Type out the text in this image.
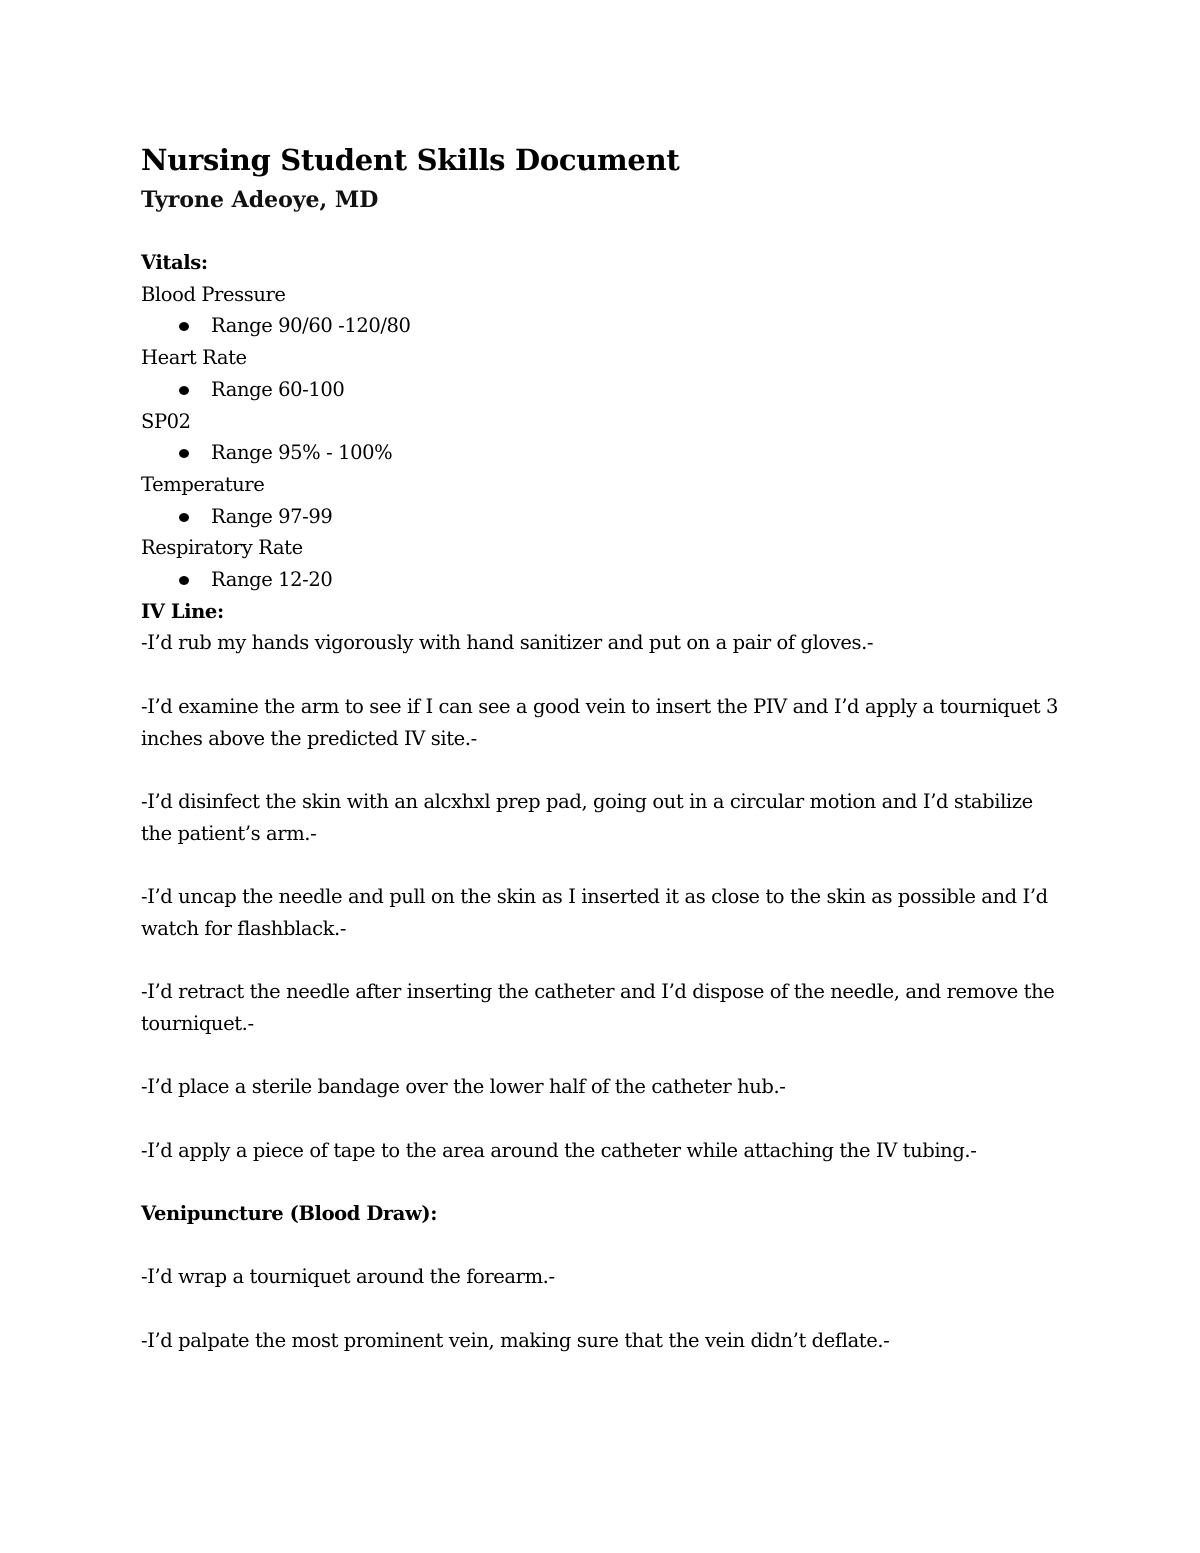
Nursing Student Skills Document
Tyrone Adeoye, MD

Vitals:

Blood Pressure

Range 90/60 -120/80

Heart Rate

Range 60-100

SP02

Range 95% - 100%

Temperature

Range 97-99

Respiratory Rate

Range 12-20

IV Line:

-I’d rub my hands vigorously with hand sanitizer and put on a pair of gloves.-

-I’d examine the arm to see if I can see a good vein to insert the PIV and I’d apply a tourniquet 3 inches above the predicted IV site.-

-I’d disinfect the skin with an alcxhxl prep pad, going out in a circular motion and I’d stabilize the patient’s arm.-

-I’d uncap the needle and pull on the skin as I inserted it as close to the skin as possible and I’d watch for flashblack.-

-I’d retract the needle after inserting the catheter and I’d dispose of the needle, and remove the tourniquet.-

-I’d place a sterile bandage over the lower half of the catheter hub.-

-I’d apply a piece of tape to the area around the catheter while attaching the IV tubing.-

Venipuncture (Blood Draw):

-I’d wrap a tourniquet around the forearm.-

-I’d palpate the most prominent vein, making sure that the vein didn’t deflate.-
